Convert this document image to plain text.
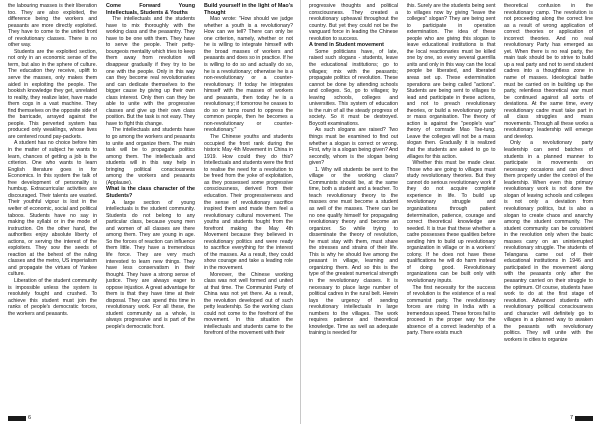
the labouring masses is their liberation too. They are also exploited, the difference being the workers and peasants are more directly exploited. They have to come to the united front of revolutionary classes. There is no other way.

Students are the exploited section, not only in an economic sense of the term, but also in the sphere of culture. The education they receive, uplift to serve the masses, only makes them aided in exploiting the people. The bookish knowledge they get, unrelated to reality, they realize later, have made them cogs in a vast machine. They find themselves on the opposite side of the barricade, arrayed against the people. This perverted system has produced only weaklings, whose lives are centered round pay-packets.

A student has no choice before him in the matter of subject he wants to learn, chances of getting a job is the criterion. One who wants to learn English literature goes in for Economics. In this system the talk of free development of personality is humbug. Extracurricular activities are discouraged. Their talents are wasted. Their youthful vigour is lost in the welter of economic, social and political taboos. Students have no say in making the syllabi or in the mode of instruction. On the other hand, the authorities enjoy absolute liberty of actions, or serving the interest of the exploiters. They sow the seeds of reaction at the behest of the ruling classes and the metro, US imperialism and propagate the virtues of Yankee culture.

Liberation of the student community is impossible unless the system is resolutely fought and crushed. To achieve this student must join the ranks of people's democratic forces, the workers and peasants.

Come Forward Young Intellectuals, Students & Youths

The intellectuals and the students have to mix thoroughly with the working class and the peasantry. They have to be one with them. They have to serve the people. Their petty-bourgeois mentality which tries to keep them away from revolution will disappear gradually if they try to be one with the people. Only in this way can they become real revolutionaries and can dedicate themselves to the bigger cause by giving up their own class interest. Only then can they be able to unite with the progressive classes and give up their own class position. But the task is not easy. They have to fight this change.

The intellectuals and students have to go among the workers and peasants to unite and organize them. The main task will be to propagate politics among them. The intellectuals and students will in this way help in bringing political consciousness among the workers and peasants (Applause).

What is the class character of the Students?

A large section of young intellectuals is the student community. Students do not belong to any particular class, because young men and women of all classes are there among them. They are young in age. So the forces of reaction can influence them little. They have a tremendous life force. They are very much interested to learn new things. They have less conservatism in their thought. They have a strong sense of justice. They are always eager to oppose injustice. A great advantage for them is that they have time at their disposal. They can spend this time in revolutionary work. For all these, the student community as a whole, is always progressive and is part of the people's democratic front.

Build yourself in the light of Mao's Thought

Mao wrote: "How should we judge whether a youth is a revolutionary? How can we tell? There can only be one criterion, namely, whether or not he is willing to integrate himself with the broad masses of workers and peasants and does so in practice. If he is willing to do so and actually do so, he is a revolutionary; otherwise he is a non-revolutionary or a counter-revolutionary. If today he integrates himself with the masses of workers and peasants, then today he is a revolutionary; if tomorrow he ceases to do so or turns round to oppress the common people, then he becomes a non-revolutionary or counter-revolutionary."

The Chinese youths and students occupied the front rank during the historic May 4th Movement in China in 1919. How could they do this? Intellectuals and students were the first to realise the need for a revolution to be freed from the yoke of exploitation, as they possessed some progressive consciousness, derived from their education. Their progressiveness and the sense of revolutionary sacrifice inspired them and made them feel a revolutionary cultural movement. The youths and students fought from the forefront making the May 4th Movement because they believed in revolutionary politics and were ready to sacrifice everything for the interest of the masses. As a result, they could show courage and take a leading role in the movement.

Moreover, the Chinese working class was not well formed and united at that time. The Communist Party of China was not yet there. As a result, the revolution developed out of such petty leadership. So the working class could not come to the forefront of the movement. In this situation the intellectuals and students came to the forefront of the movement with their

6

progressive thoughts and political consciousness. They created a revolutionary upheaval throughout the country. But yet they could not be the vanguard force in leading the Chinese revolution to success.

A trend in Student movement

Some politicians have, of late, raised such slogans - students, leave the educational institutions; go to villages; mix with the peasants; propagate politics of revolution. These cannot be done by attending schools and colleges. So, go to villages; by leaving schools, colleges and universities. This system of education is the ruin of all the steady progress of society. So it must be destroyed. Boycott examinations.

As such slogans are raised? Two things must be examined to find out whether a slogan is correct or wrong. First, why is a slogan being given? And secondly, whom is the slogan being given?

1. Why will students be sent to the village or the working class? Communists should be, at the same time, both a student and a teacher. To teach revolutionary theory to the masses one must become a student as well of the masses. There can be no one qualify himself for propagating revolutionary theory and become an organizer. So while trying to disseminate the theory of revolution, he must stay with them, must share the stresses and strains of their life. This is why he should live among the peasant in village, learning and organizing them. And so this is the type of the greatest numerical strength in the revolutionary classes. It is necessary to place large number of political cadres in the rural belt. Herein lays the urgency of sending revolutionary intellectuals in large numbers to the villages. The work requires patience and theoretical knowledge. Time as well as adequate training is needed for

this. Surely are the students being sent to villages now by giving "leave the colleges" slogan? They are being sent to participate in operation extermination. The idea of these people who are giving this slogan to leave educational institutions is that the local reactionaries must be killed one by one, so every several guerrilla units and only in this way can the local people be liberated, and liberated areas set up. These extermination operations are being called "actions". Students are being sent to villages to lead and participate in these actions, and not to preach revolutionary theories, or build a revolutionary party or mass organisation. The theory of action is against the "people's war" theory of comrade Mao Tse-tung. Leave the colleges will not be a mass slogan then. Gradually it is realized that the students are asked to go to villages for this action.

Whether this must be made clear. Those who are going to villages must study revolutionary theories. But they cannot do serious revolutionary work if they do not acquire complete experience in life. To build up revolutionary struggle and organizations through patient determination, patience, courage and correct theoretical knowledge are needed. It is true that these whether a cadre possesses these qualities before sending him to build up revolutionary organization in village or in a workers' colony. If he does not have these qualifications he will do harm instead of doing good. Revolutionary organizations can be built only with revolutionary inputs.

The first necessity for the success of revolution is the existence of a real communist party. The revolutionary forces are rising in India with a tremendous speed. These forces fail to proceed in the proper way for the absence of a correct leadership of a party. There exists much

theoretical confusion in the revolutionary camp. The revolution is not proceeding along the correct line as a result of wrong application of correct theories or application of incorrect theories. And no real revolutionary Party has emerged as yet. When there is no real party, the main task should be to strive to build up a real party and not to send student cadres into a thoughtless zone in name of masses. Ideological battle must be carried on in building up the party, relentless theoretical war must be continued against all sorts of deviations. At the same time, every revolutionary cadre must take part in all class struggles and mass movements. Through all these works a revolutionary leadership will emerge and develop.

Only a revolutionary party leadership can send batches of students in a planned manner to participate in movements on necessary occasions and can direct them properly under the control of the leadership. When even this primary revolutionary work is not done the slogan of leaving schools and colleges is not only a deviation from revolutionary politics, but is also a slogan to create chaos and anarchy among the student community. The student community can be consistent in the revolution only when the basic masses carry on an uninterrupted revolutionary struggle. The students of Telangana came out of their educational institutions in 1946 and participated in the movement along with the peasants only after the peasantry carried on their struggle to the optimum. Of course, students have work to do at the first stage of revolution. Advanced students with revolutionary political consciousness and character will definitely go to villages in a planned way to awaken the peasants with revolutionary politics. They will unite with the workers in cities to organize

7
